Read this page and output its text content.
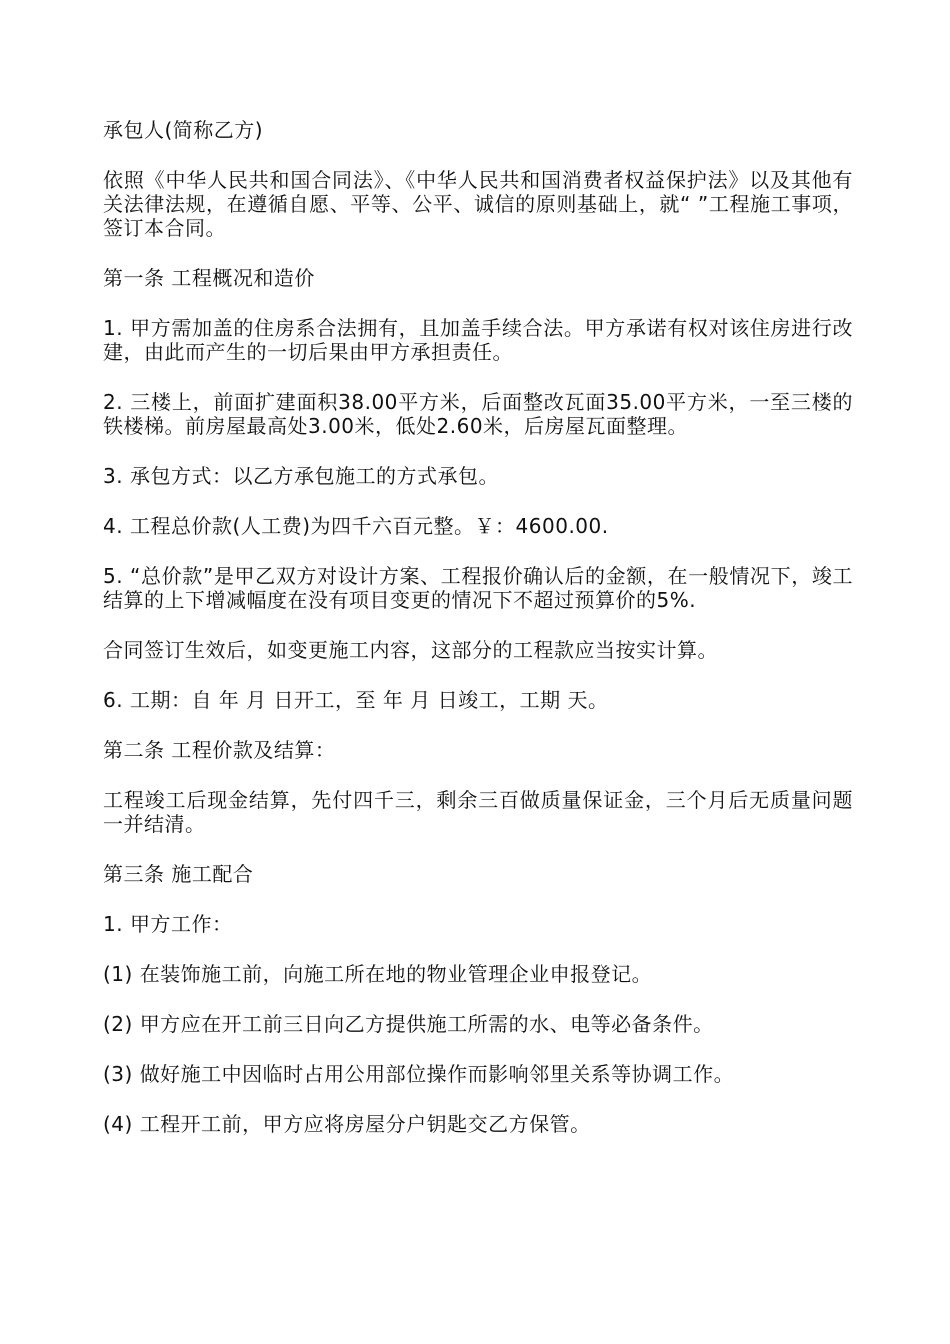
承包人(简称乙方)

依照《中华人民共和国合同法》、《中华人民共和国消费者权益保护法》以及其他有关法律法规，在遵循自愿、平等、公平、诚信的原则基础上，就“ ”工程施工事项，签订本合同。

第一条 工程概况和造价

1. 甲方需加盖的住房系合法拥有，且加盖手续合法。甲方承诺有权对该住房进行改建，由此而产生的一切后果由甲方承担责任。

2. 三楼上，前面扩建面积38.00平方米，后面整改瓦面35.00平方米，一至三楼的铁楼梯。前房屋最高处3.00米，低处2.60米，后房屋瓦面整理。

3. 承包方式：以乙方承包施工的方式承包。

4. 工程总价款(人工费)为四千六百元整。￥：4600.00.

5. “总价款”是甲乙双方对设计方案、工程报价确认后的金额，在一般情况下，竣工结算的上下增减幅度在没有项目变更的情况下不超过预算价的5%.

合同签订生效后，如变更施工内容，这部分的工程款应当按实计算。

6. 工期：自 年 月 日开工，至 年 月 日竣工，工期 天。

第二条 工程价款及结算：

工程竣工后现金结算，先付四千三，剩余三百做质量保证金，三个月后无质量问题一并结清。

第三条 施工配合

1. 甲方工作：

(1) 在装饰施工前，向施工所在地的物业管理企业申报登记。

(2) 甲方应在开工前三日向乙方提供施工所需的水、电等必备条件。

(3) 做好施工中因临时占用公用部位操作而影响邻里关系等协调工作。

(4) 工程开工前，甲方应将房屋分户钥匙交乙方保管。
